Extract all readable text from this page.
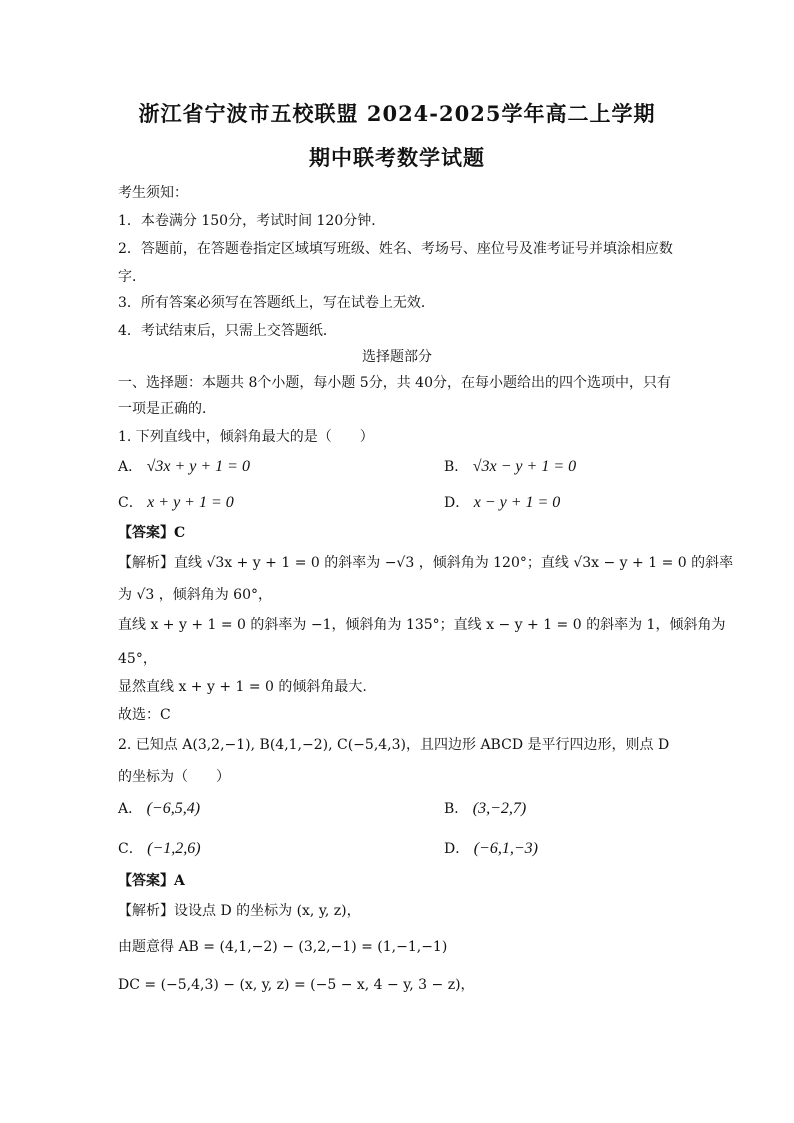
浙江省宁波市五校联盟 2024-2025学年高二上学期
期中联考数学试题
考生须知：
1．本卷满分 150分，考试时间 120分钟．
2．答题前，在答题卷指定区域填写班级、姓名、考场号、座位号及准考证号并填涂相应数
字．
3．所有答案必须写在答题纸上，写在试卷上无效．
4．考试结束后，只需上交答题纸．
选择题部分
一、选择题：本题共 8个小题，每小题 5分，共 40分，在每小题给出的四个选项中，只有
一项是正确的．
1. 下列直线中，倾斜角最大的是（　　）
A． √3x + y + 1 = 0	B． √3x − y + 1 = 0
C． x + y + 1 = 0	D． x − y + 1 = 0
【答案】C
【解析】直线 √3x + y + 1 = 0 的斜率为 −√3 ，倾斜角为 120°；直线 √3x − y + 1 = 0 的斜率
为 √3 ，倾斜角为 60°，
直线 x + y + 1 = 0 的斜率为 −1，倾斜角为 135°；直线 x − y + 1 = 0 的斜率为 1，倾斜角为
45°，
显然直线 x + y + 1 = 0 的倾斜角最大.
故选：C
2. 已知点 A(3,2,−1), B(4,1,−2), C(−5,4,3)，且四边形 ABCD 是平行四边形，则点 D
的坐标为（　　）
A． (−6,5,4)	B． (3,−2,7)
C． (−1,2,6)	D． (−6,1,−3)
【答案】A
【解析】设设点 D 的坐标为 (x, y, z)，
由题意得 AB = (4,1,−2) − (3,2,−1) = (1,−1,−1)
DC = (−5,4,3) − (x, y, z) = (−5 − x, 4 − y, 3 − z)，
